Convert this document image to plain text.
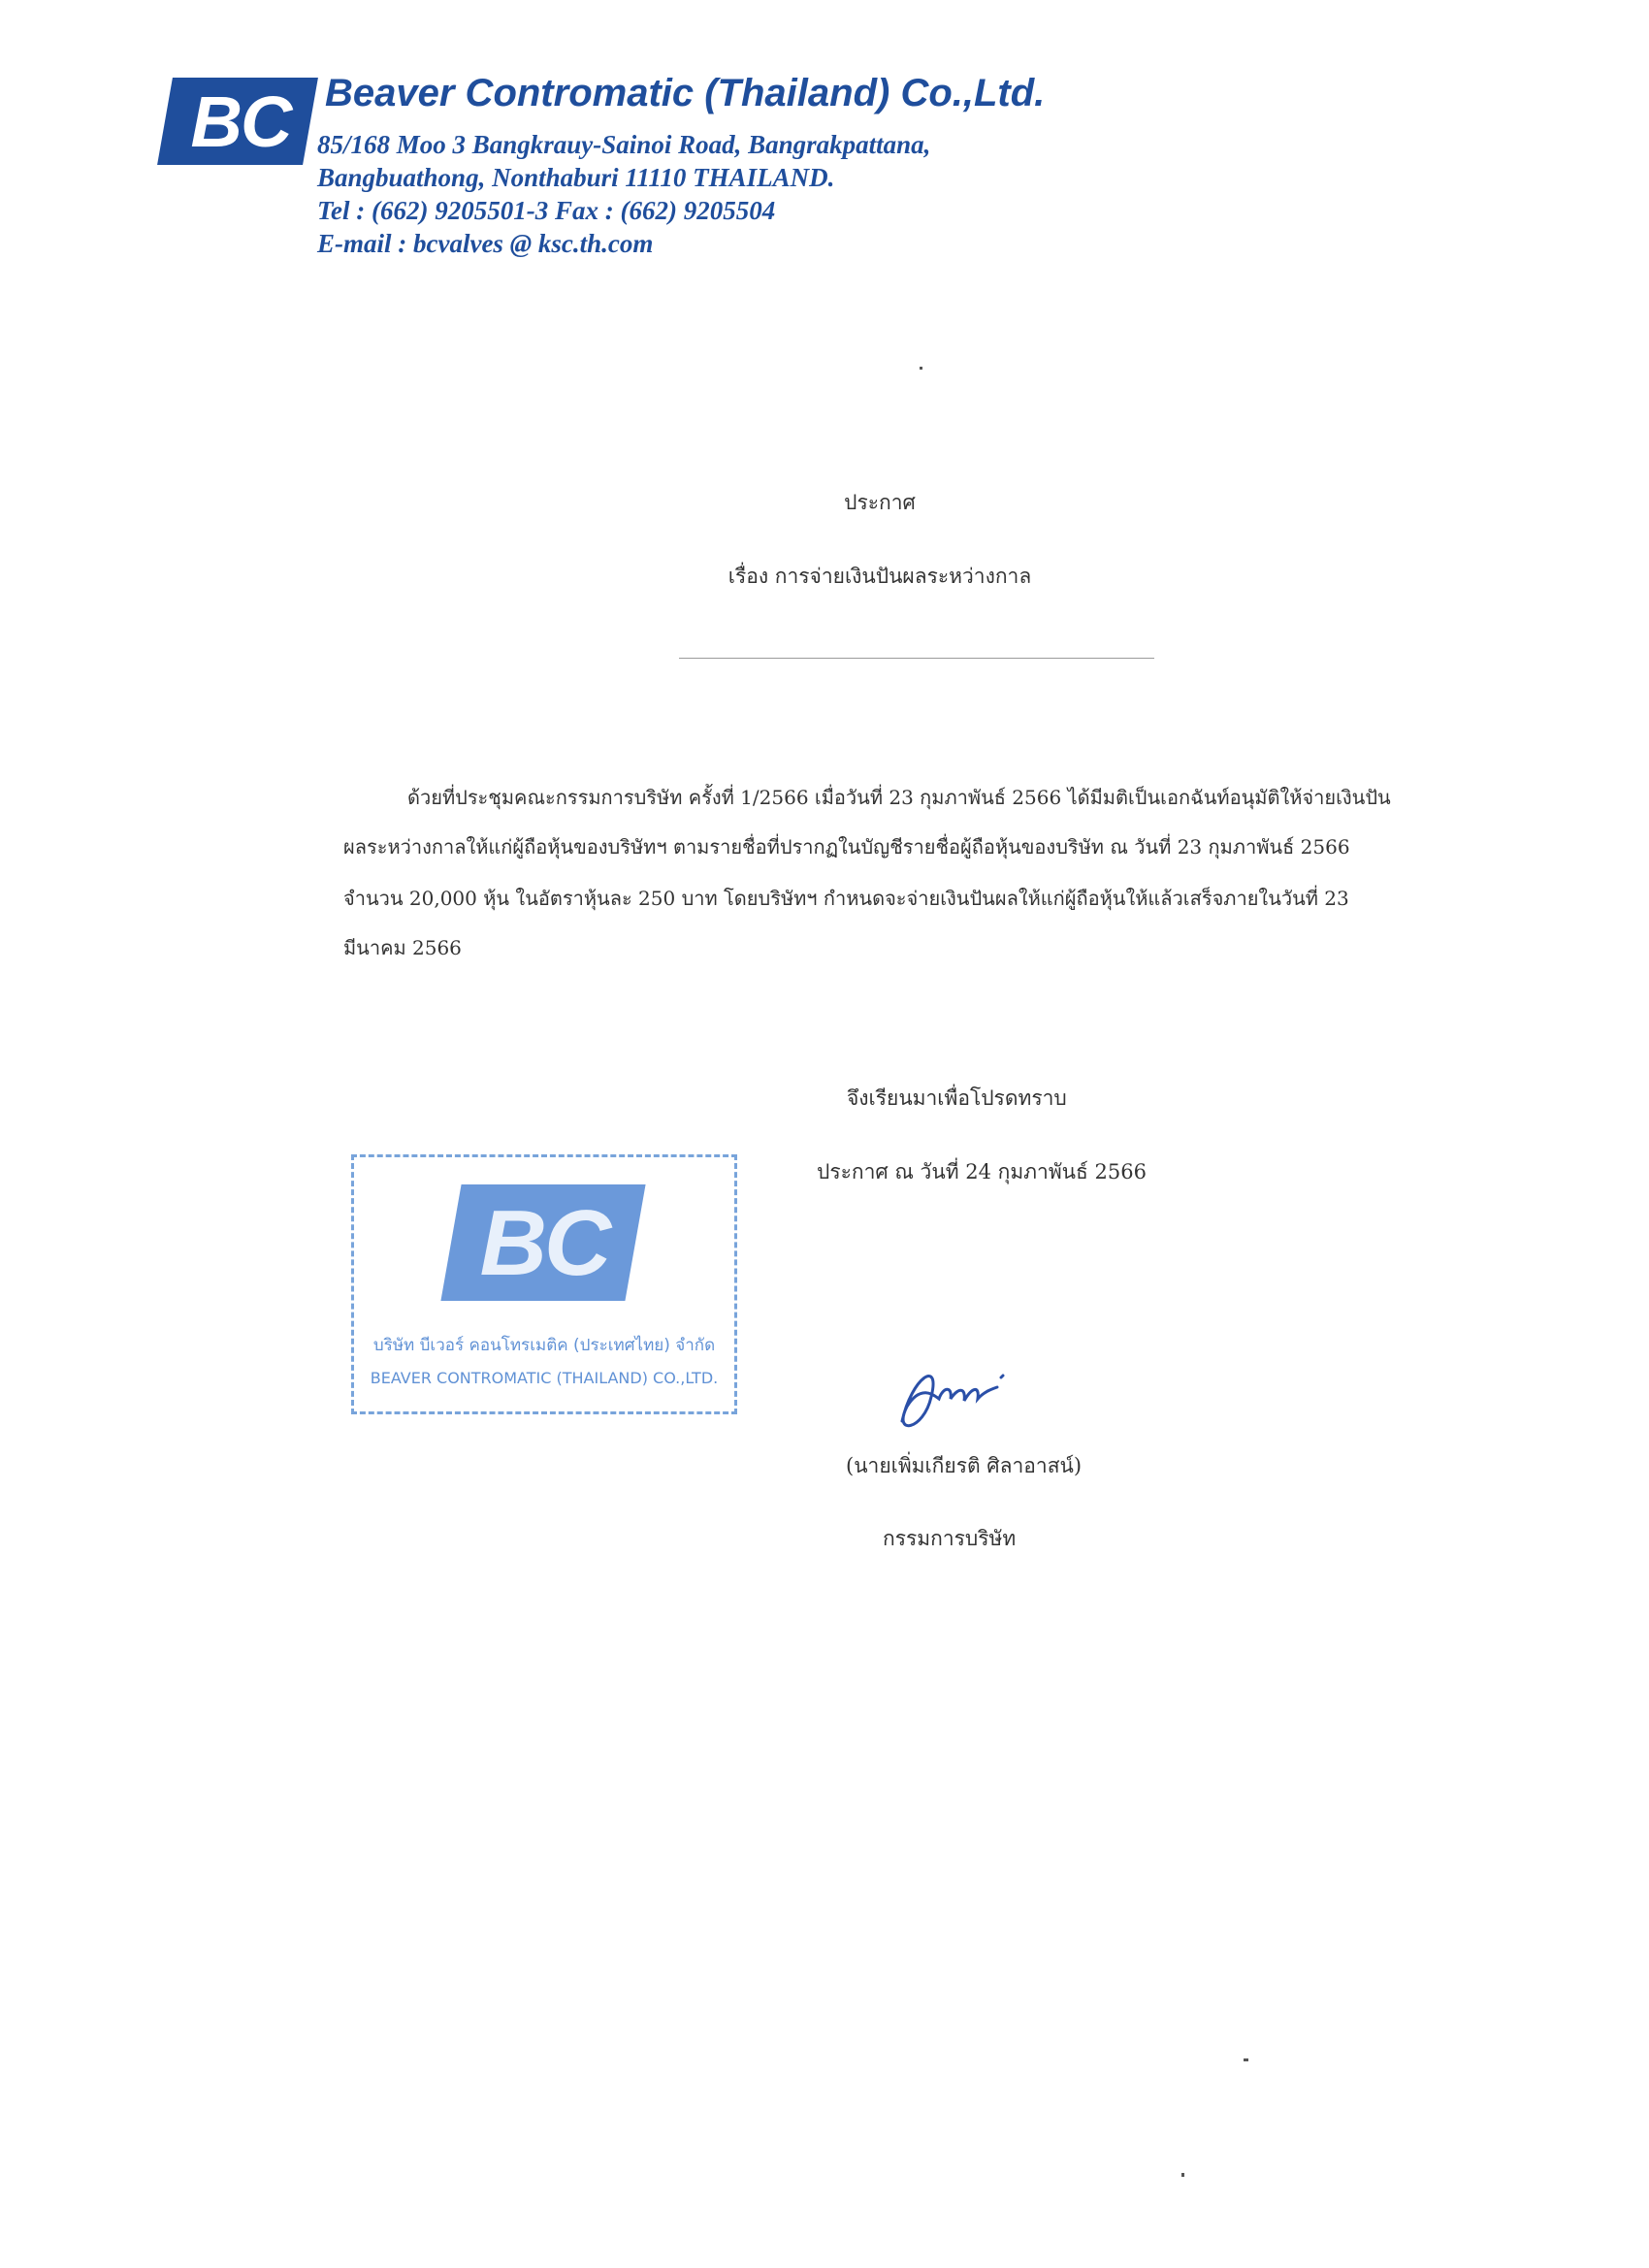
BC Beaver Contromatic (Thailand) Co.,Ltd.
85/168 Moo 3 Bangkrauy-Sainoi Road, Bangrakpattana,
Bangbuathong, Nonthaburi 11110 THAILAND.
Tel : (662) 9205501-3 Fax : (662) 9205504
E-mail : bcvalves @ ksc.th.com
ประกาศ
เรื่อง การจ่ายเงินปันผลระหว่างกาล
ด้วยที่ประชุมคณะกรรมการบริษัท ครั้งที่ 1/2566 เมื่อวันที่ 23 กุมภาพันธ์ 2566 ได้มีมติเป็นเอกฉันท์อนุมัติให้จ่ายเงินปัน
ผลระหว่างกาลให้แก่ผู้ถือหุ้นของบริษัทฯ ตามรายชื่อที่ปรากฏในบัญชีรายชื่อผู้ถือหุ้นของบริษัท ณ วันที่ 23 กุมภาพันธ์ 2566
จำนวน 20,000 หุ้น ในอัตราหุ้นละ 250 บาท โดยบริษัทฯ กำหนดจะจ่ายเงินปันผลให้แก่ผู้ถือหุ้นให้แล้วเสร็จภายในวันที่ 23
มีนาคม 2566
จึงเรียนมาเพื่อโปรดทราบ
ประกาศ ณ วันที่ 24 กุมภาพันธ์ 2566
(นายเพิ่มเกียรติ ศิลาอาสน์)
กรรมการบริษัท
BC
บริษัท บีเวอร์ คอนโทรเมติค (ประเทศไทย) จำกัด
BEAVER CONTROMATIC (THAILAND) CO.,LTD.
